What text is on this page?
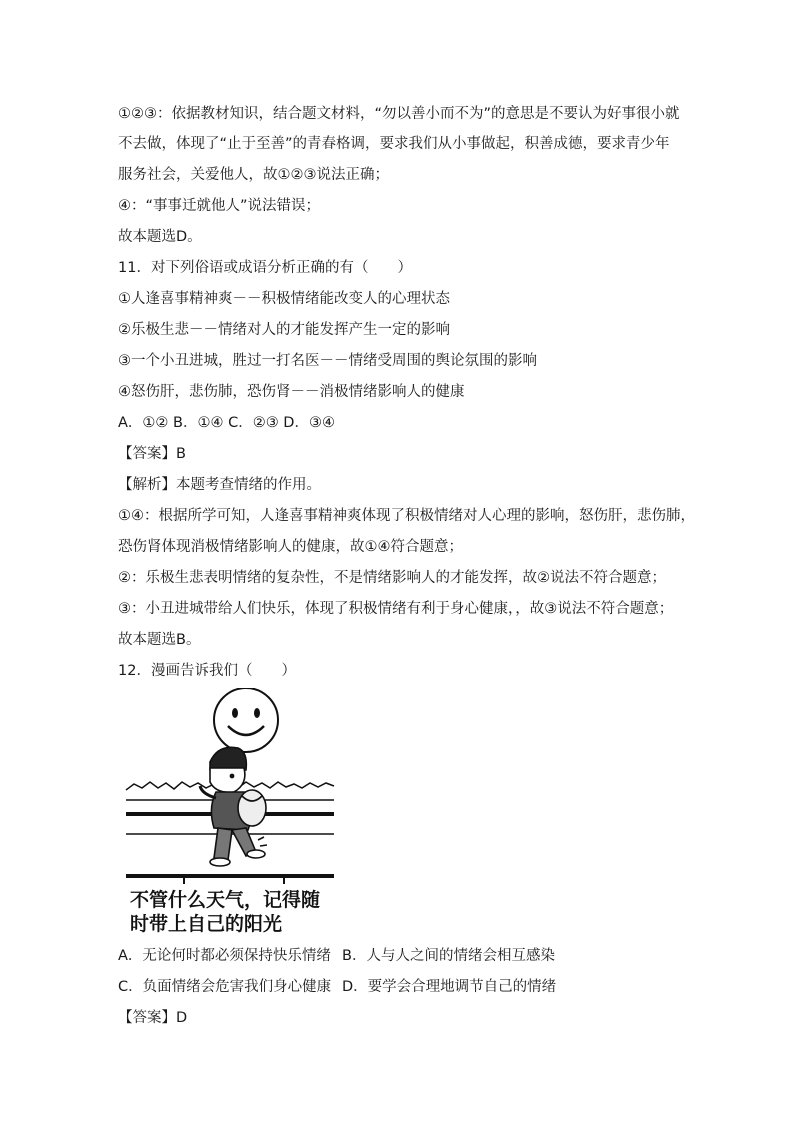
①②③：依据教材知识，结合题文材料，“勿以善小而不为”的意思是不要认为好事很小就
不去做，体现了“止于至善”的青春格调，要求我们从小事做起，积善成德，要求青少年
服务社会，关爱他人，故①②③说法正确；
④：“事事迁就他人”说法错误；
故本题选D。
11．对下列俗语或成语分析正确的有（　　）
①人逢喜事精神爽－－积极情绪能改变人的心理状态
②乐极生悲－－情绪对人的才能发挥产生一定的影响
③一个小丑进城，胜过一打名医－－情绪受周围的舆论氛围的影响
④怒伤肝，悲伤肺，恐伤肾－－消极情绪影响人的健康
A．①② B．①④ C．②③ D．③④
【答案】B
【解析】本题考查情绪的作用。
①④：根据所学可知，人逢喜事精神爽体现了积极情绪对人心理的影响，怒伤肝，悲伤肺，
恐伤肾体现消极情绪影响人的健康，故①④符合题意；
②：乐极生悲表明情绪的复杂性，不是情绪影响人的才能发挥，故②说法不符合题意；
③：小丑进城带给人们快乐，体现了积极情绪有利于身心健康，，故③说法不符合题意；
故本题选B。
12．漫画告诉我们（　　）
不管什么天气，记得随
时带上自己的阳光
A．无论何时都必须保持快乐情绪 B．人与人之间的情绪会相互感染
C．负面情绪会危害我们身心健康 D．要学会合理地调节自己的情绪
【答案】D
